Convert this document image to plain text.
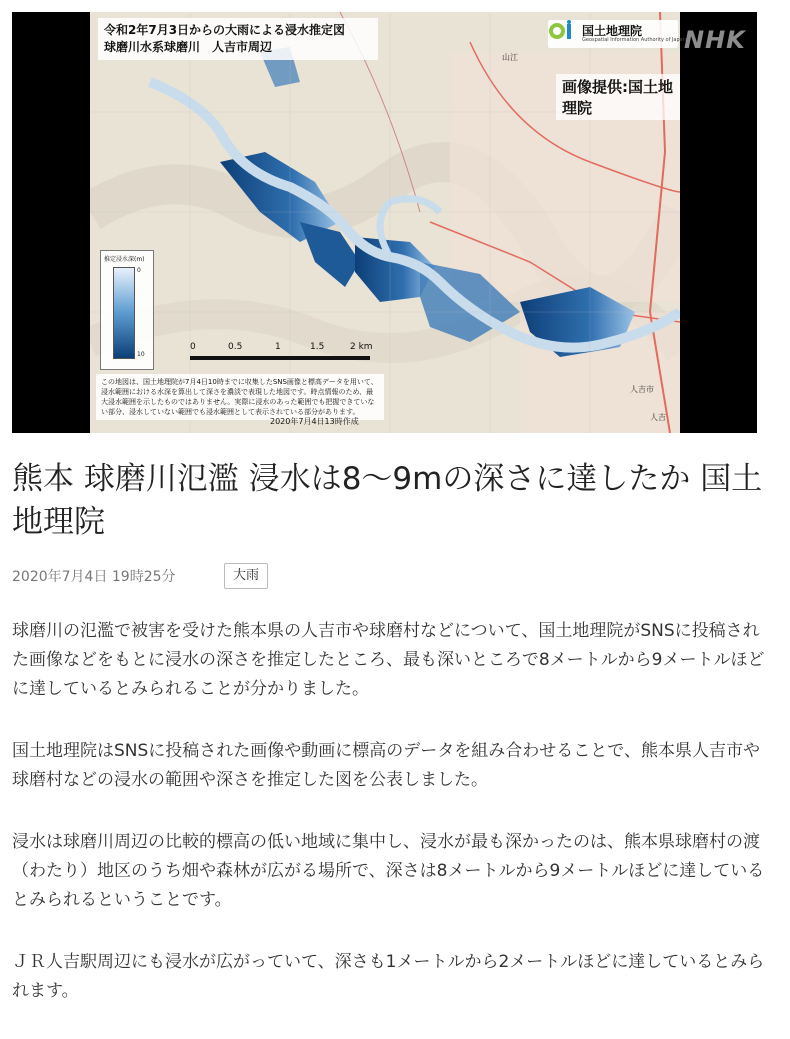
令和2年7月3日からの大雨による浸水推定図
球磨川水系球磨川　人吉市周辺
山江
人吉市
人吉
国土地理院
Geospatial Information Authority of Japan
画像提供:国土地理院
推定浸水深(m)
0
10
0	0.5	1	1.5	2 km
この地図は、国土地理院が7月4日10時までに収集したSNS画像と標高データを用いて、浸水範囲における水深を算出して深さを濃淡で表現した地図です。時点情報のため、最大浸水範囲を示したものではありません。実際に浸水のあった範囲でも把握できていない部分、浸水していない範囲でも浸水範囲として表示されている部分があります。
2020年7月4日13時作成
NHK
熊本 球磨川氾濫 浸水は8〜9mの深さに達したか 国土地理院
2020年7月4日 19時25分	大雨

球磨川の氾濫で被害を受けた熊本県の人吉市や球磨村などについて、国土地理院がSNSに投稿された画像などをもとに浸水の深さを推定したところ、最も深いところで8メートルから9メートルほどに達しているとみられることが分かりました。

国土地理院はSNSに投稿された画像や動画に標高のデータを組み合わせることで、熊本県人吉市や球磨村などの浸水の範囲や深さを推定した図を公表しました。

浸水は球磨川周辺の比較的標高の低い地域に集中し、浸水が最も深かったのは、熊本県球磨村の渡（わたり）地区のうち畑や森林が広がる場所で、深さは8メートルから9メートルほどに達しているとみられるということです。

ＪＲ人吉駅周辺にも浸水が広がっていて、深さも1メートルから2メートルほどに達しているとみられます。
